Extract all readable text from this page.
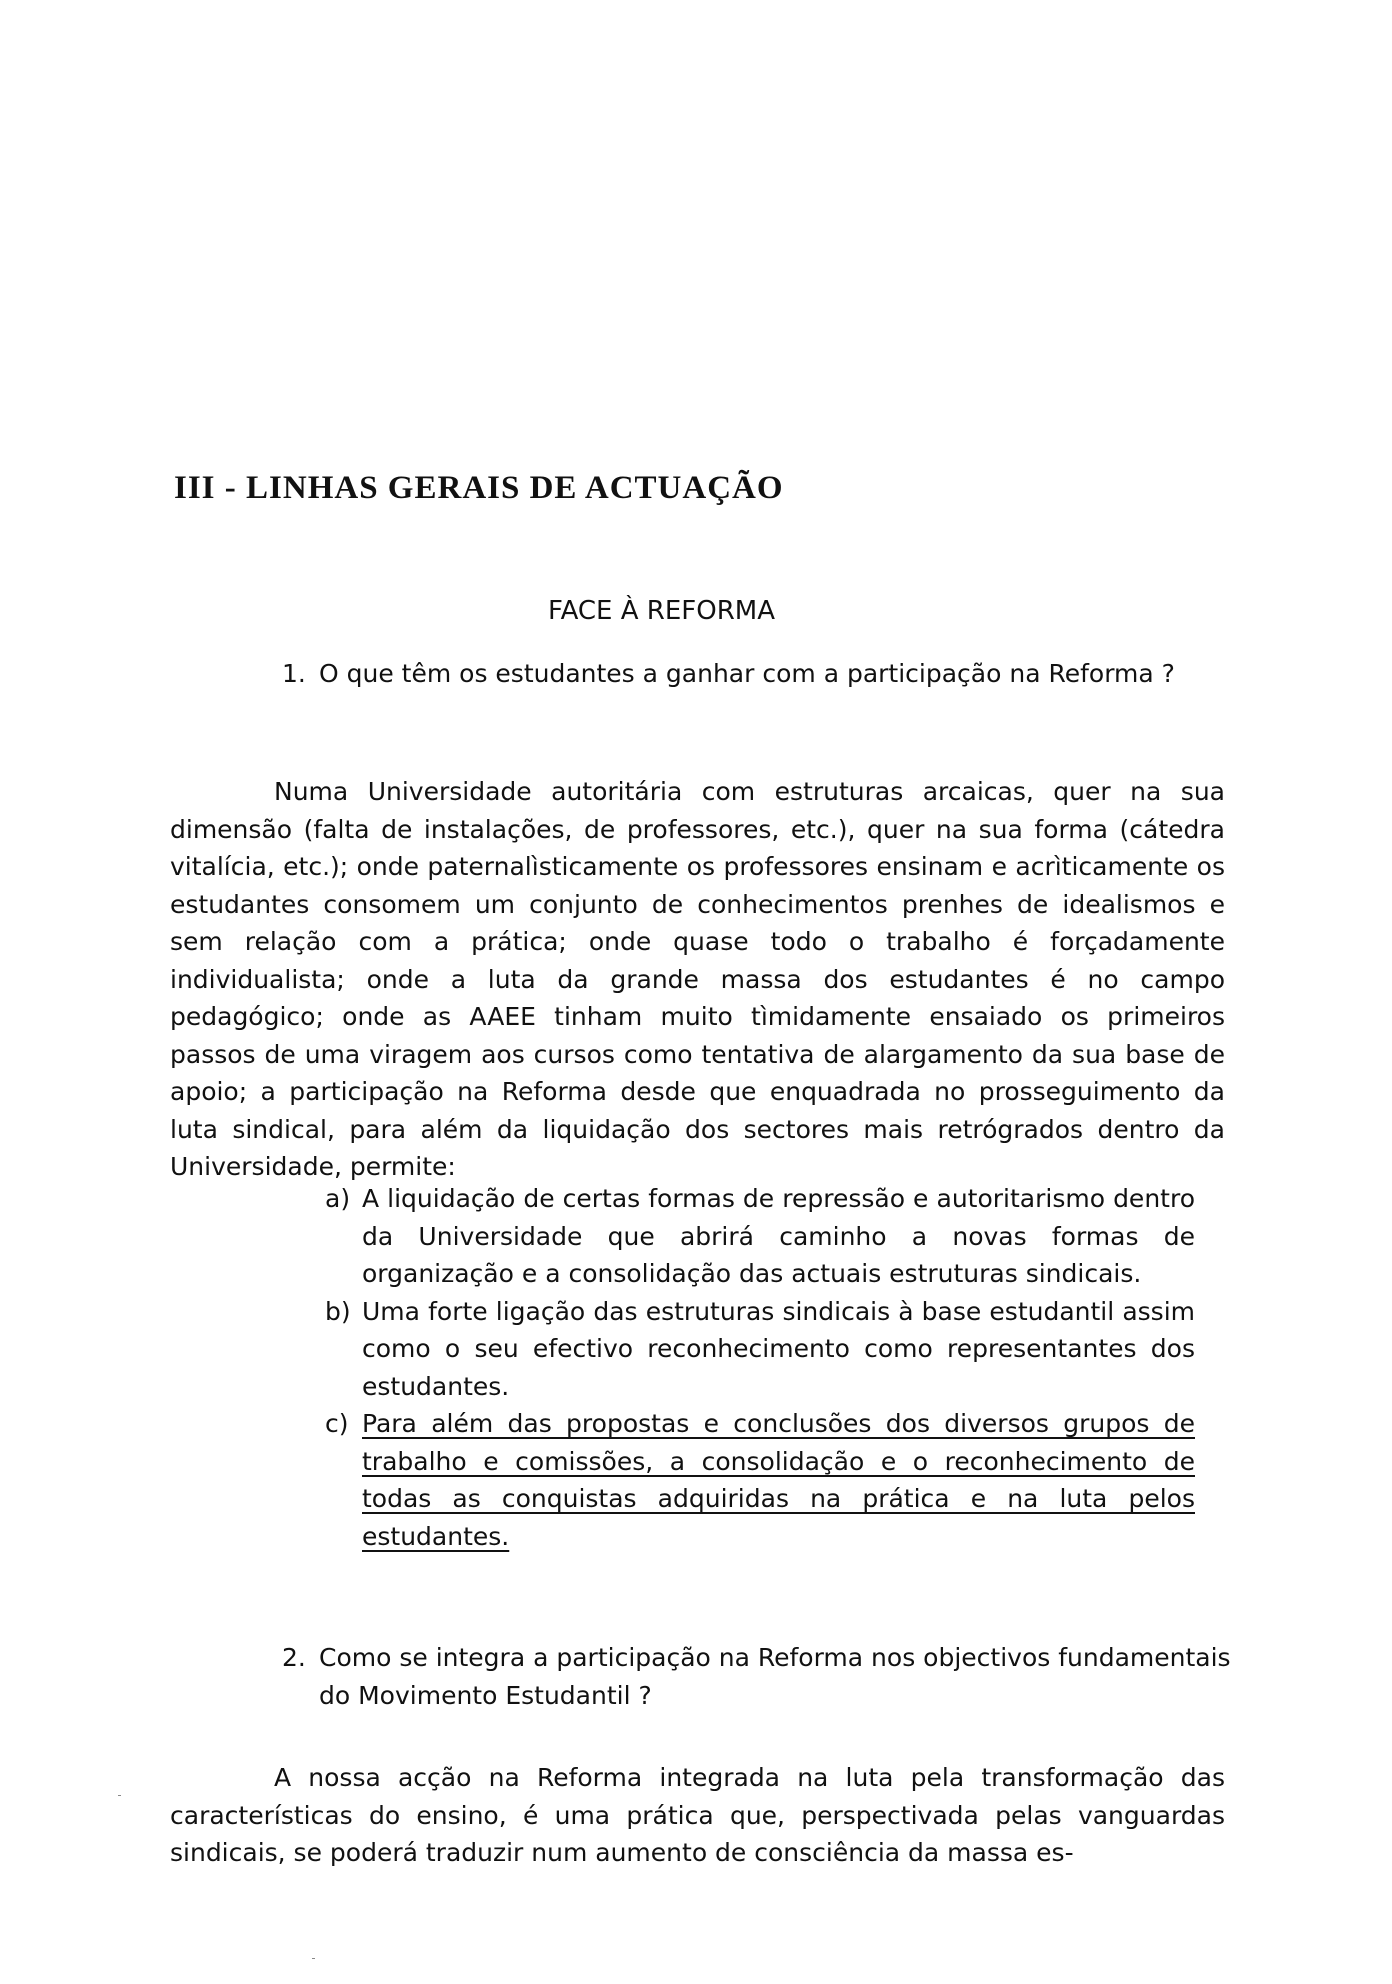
III - LINHAS GERAIS DE ACTUAÇÃO
FACE À REFORMA
1. O que têm os estudantes a ganhar com a participação na Reforma ?

Numa Universidade autoritária com estruturas arcaicas, quer na sua dimensão (falta de instalações, de professores, etc.), quer na sua forma (cátedra vitalícia, etc.); onde paternalìsticamente os professores ensinam e acrìticamente os estudantes consomem um conjunto de conhecimentos prenhes de idealismos e sem relação com a prática; onde quase todo o trabalho é forçadamente individualista; onde a luta da grande massa dos estudantes é no campo pedagógico; onde as AAEE tinham muito tìmidamente ensaiado os primeiros passos de uma viragem aos cursos como tentativa de alargamento da sua base de apoio; a participação na Reforma desde que enquadrada no prosseguimento da luta sindical, para além da liquidação dos sectores mais retrógrados dentro da Universidade, permite:

a) A liquidação de certas formas de repressão e autoritarismo dentro da Universidade que abrirá caminho a novas formas de organização e a consolidação das actuais estruturas sindicais.
b) Uma forte ligação das estruturas sindicais à base estudantil assim como o seu efectivo reconhecimento como representantes dos estudantes.
c) Para além das propostas e conclusões dos diversos grupos de trabalho e comissões, a consolidação e o reconhecimento de todas as conquistas adquiridas na prática e na luta pelos estudantes.
2. Como se integra a participação na Reforma nos objectivos fundamentais do Movimento Estudantil ?

A nossa acção na Reforma integrada na luta pela transformação das características do ensino, é uma prática que, perspectivada pelas vanguardas sindicais, se poderá traduzir num aumento de consciência da massa es-
